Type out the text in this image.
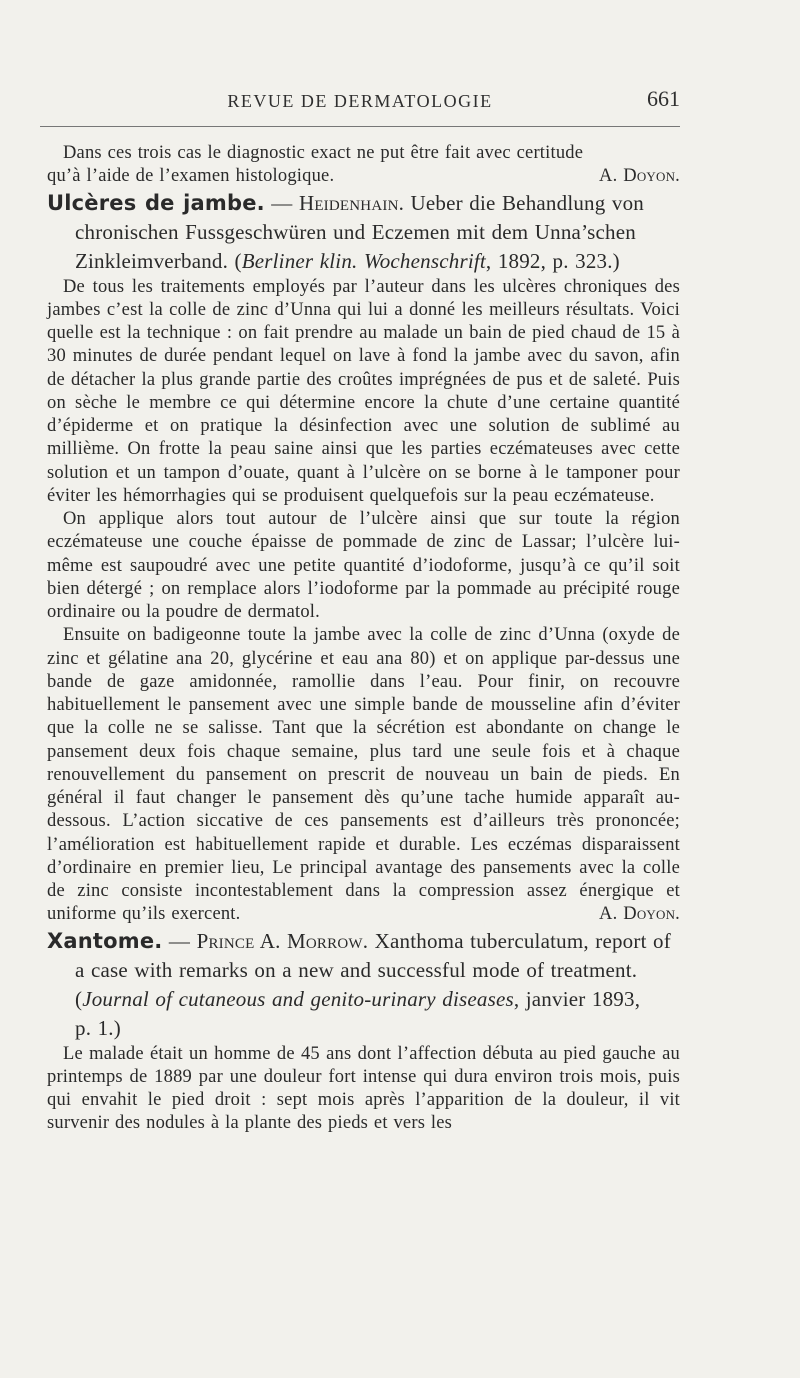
REVUE DE DERMATOLOGIE	661

Dans ces trois cas le diagnostic exact ne put être fait avec certitude

qu’à l’aide de l’examen histologique.	A. Doyon.

Ulcères de jambe. — Heidenhain. Ueber die Behandlung von
chronischen Fussgeschwüren und Eczemen mit dem Unna’schen
Zinkleimverband. (Berliner klin. Wochenschrift, 1892, p. 323.)

De tous les traitements employés par l’auteur dans les ulcères chroniques des jambes c’est la colle de zinc d’Unna qui lui a donné les meilleurs résultats. Voici quelle est la technique : on fait prendre au malade un bain de pied chaud de 15 à 30 minutes de durée pendant lequel on lave à fond la jambe avec du savon, afin de détacher la plus grande partie des croûtes imprégnées de pus et de saleté. Puis on sèche le membre ce qui détermine encore la chute d’une certaine quantité d’épiderme et on pratique la désinfection avec une solution de sublimé au millième. On frotte la peau saine ainsi que les parties eczémateuses avec cette solution et un tampon d’ouate, quant à l’ulcère on se borne à le tamponer pour éviter les hémorrhagies qui se produisent quelquefois sur la peau eczémateuse.

On applique alors tout autour de l’ulcère ainsi que sur toute la région eczémateuse une couche épaisse de pommade de zinc de Lassar; l’ulcère lui-même est saupoudré avec une petite quantité d’iodoforme, jusqu’à ce qu’il soit bien détergé ; on remplace alors l’iodoforme par la pommade au précipité rouge ordinaire ou la poudre de dermatol.

Ensuite on badigeonne toute la jambe avec la colle de zinc d’Unna (oxyde de zinc et gélatine ana 20, glycérine et eau ana 80) et on applique par-dessus une bande de gaze amidonnée, ramollie dans l’eau. Pour finir, on recouvre habituellement le pansement avec une simple bande de mousseline afin d’éviter que la colle ne se salisse. Tant que la sécrétion est abondante on change le pansement deux fois chaque semaine, plus tard une seule fois et à chaque renouvellement du pansement on prescrit de nouveau un bain de pieds. En général il faut changer le pansement dès qu’une tache humide apparaît au-dessous. L’action siccative de ces pansements est d’ailleurs très prononcée; l’amélioration est habituellement rapide et durable. Les eczémas disparaissent d’ordinaire en premier lieu, Le principal avantage des pansements avec la colle de zinc consiste incontestablement dans la compression assez énergique et uniforme qu’ils exercent.	A. Doyon.

Xantome. — Prince A. Morrow. Xanthoma tuberculatum, report of
a case with remarks on a new and successful mode of treatment.
(Journal of cutaneous and genito-urinary diseases, janvier 1893,
p. 1.)

Le malade était un homme de 45 ans dont l’affection débuta au pied gauche au printemps de 1889 par une douleur fort intense qui dura environ trois mois, puis qui envahit le pied droit : sept mois après l’apparition de la douleur, il vit survenir des nodules à la plante des pieds et vers les
